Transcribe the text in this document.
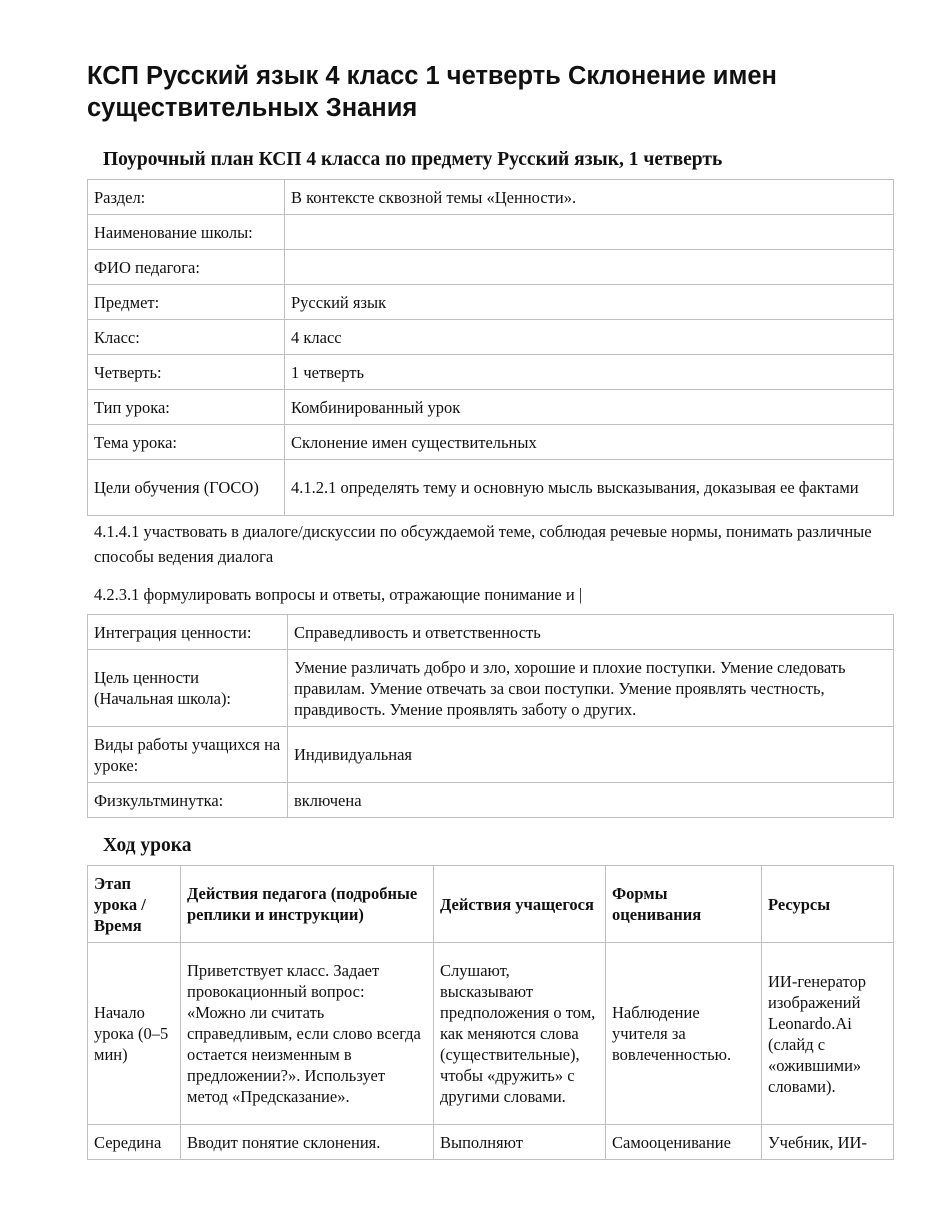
КСП Русский язык 4 класс 1 четверть Склонение имен существительных Знания
Поурочный план КСП 4 класса по предмету Русский язык, 1 четверть
Раздел:	В контексте сквозной темы «Ценности».
Наименование школы:	
ФИО педагога:	
Предмет:	Русский язык
Класс:	4 класс
Четверть:	1 четверть
Тип урока:	Комбинированный урок
Тема урока:	Склонение имен существительных
Цели обучения (ГОСО)	4.1.2.1 определять тему и основную мысль высказывания, доказывая ее фактами

4.1.4.1 участвовать в диалоге/дискуссии по обсуждаемой теме, соблюдая речевые нормы, понимать различные способы ведения диалога

4.2.3.1 формулировать вопросы и ответы, отражающие понимание и |

Интеграция ценности:	Справедливость и ответственность
Цель ценности (Начальная школа):	Умение различать добро и зло, хорошие и плохие поступки. Умение следовать правилам. Умение отвечать за свои поступки. Умение проявлять честность, правдивость. Умение проявлять заботу о других.
Виды работы учащихся на уроке:	Индивидуальная
Физкультминутка:	включена
Ход урока
Этап урока / Время	Действия педагога (подробные реплики и инструкции)	Действия учащегося	Формы оценивания	Ресурсы
Начало урока (0–5 мин)	Приветствует класс. Задает провокационный вопрос: «Можно ли считать справедливым, если слово всегда остается неизменным в предложении?». Использует метод «Предсказание».	Слушают, высказывают предположения о том, как меняются слова (существительные), чтобы «дружить» с другими словами.	Наблюдение учителя за вовлеченностью.	ИИ-генератор изображений Leonardo.Ai (слайд с «ожившими» словами).
Середина	Вводит понятие склонения.	Выполняют	Самооценивание	Учебник, ИИ-
